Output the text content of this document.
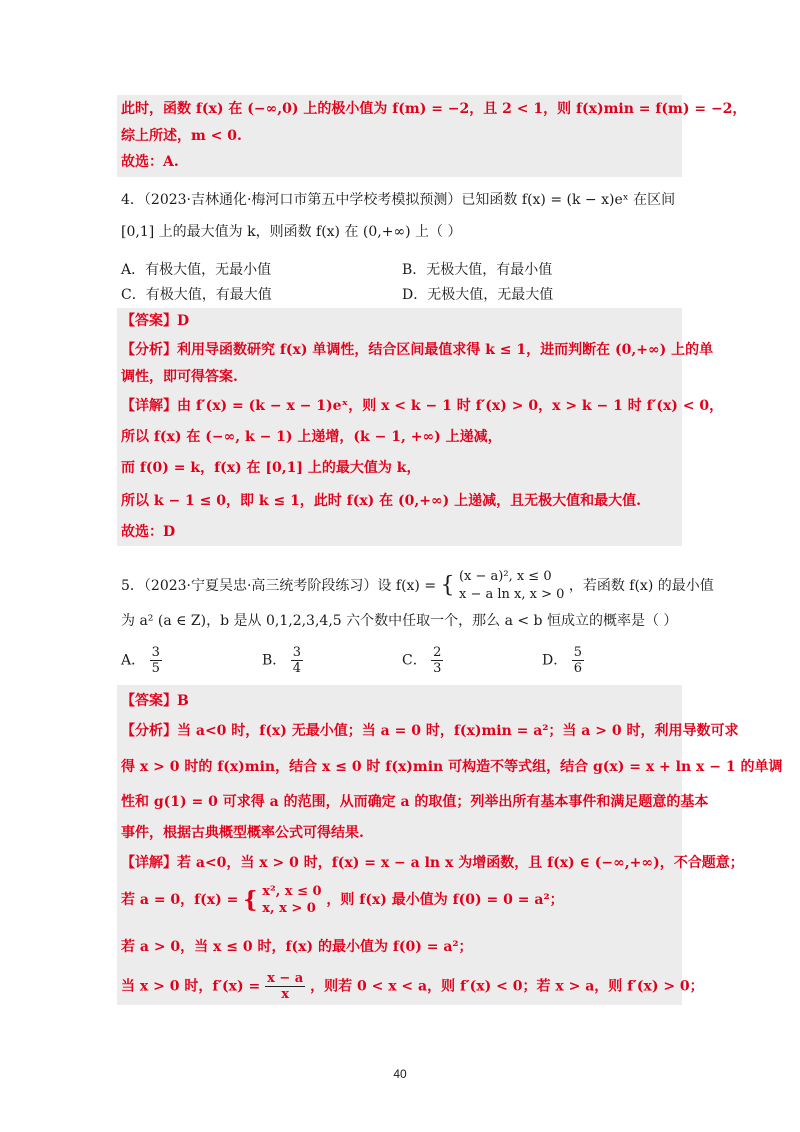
此时，函数 f(x) 在 (−∞,0) 上的极小值为 f(m) = −2，且 2 < 1，则 f(x)min = f(m) = −2，
综上所述，m < 0.
故选：A.
4．（2023·吉林通化·梅河口市第五中学校考模拟预测）已知函数 f(x) = (k − x)eˣ 在区间
[0,1] 上的最大值为 k，则函数 f(x) 在 (0,+∞) 上（ ）
A．有极大值，无最小值	B．无极大值，有最小值
C．有极大值，有最大值	D．无极大值，无最大值
【答案】D
【分析】利用导函数研究 f(x) 单调性，结合区间最值求得 k ≤ 1，进而判断在 (0,+∞) 上的单
调性，即可得答案.
【详解】由 f′(x) = (k − x − 1)eˣ，则 x < k − 1 时 f′(x) > 0，x > k − 1 时 f′(x) < 0，
所以 f(x) 在 (−∞, k − 1) 上递增，(k − 1, +∞) 上递减，
而 f(0) = k，f(x) 在 [0,1] 上的最大值为 k，
所以 k − 1 ≤ 0，即 k ≤ 1，此时 f(x) 在 (0,+∞) 上递减，且无极大值和最大值.
故选：D
5．（2023·宁夏吴忠·高三统考阶段练习）设 f(x) = { (x − a)², x ≤ 0
x − a ln x, x > 0
，若函数 f(x) 的最小值
为 a² (a ∈ Z)，b 是从 0,1,2,3,4,5 六个数中任取一个，那么 a < b 恒成立的概率是（ ）
A． $\frac{3}{5}$	B． $\frac{3}{4}$	C． $\frac{2}{3}$	D． $\frac{5}{6}$
【答案】B
【分析】当 a<0 时，f(x) 无最小值；当 a = 0 时，f(x)min = a²；当 a > 0 时，利用导数可求
得 x > 0 时的 f(x)min，结合 x ≤ 0 时 f(x)min 可构造不等式组，结合 g(x) = x + ln x − 1 的单调
性和 g(1) = 0 可求得 a 的范围，从而确定 a 的取值；列举出所有基本事件和满足题意的基本
事件，根据古典概型概率公式可得结果.
【详解】若 a<0，当 x > 0 时，f(x) = x − a ln x 为增函数，且 f(x) ∈ (−∞,+∞)，不合题意；
若 a = 0，f(x) = { x², x ≤ 0
x, x > 0
，则 f(x) 最小值为 f(0) = 0 = a²；
若 a > 0，当 x ≤ 0 时，f(x) 的最小值为 f(0) = a²；
当 x > 0 时，$f'(x) = \frac{x - a}{x}$ ，则若 0 < x < a，则 f′(x) < 0；若 x > a，则 f′(x) > 0；
40
